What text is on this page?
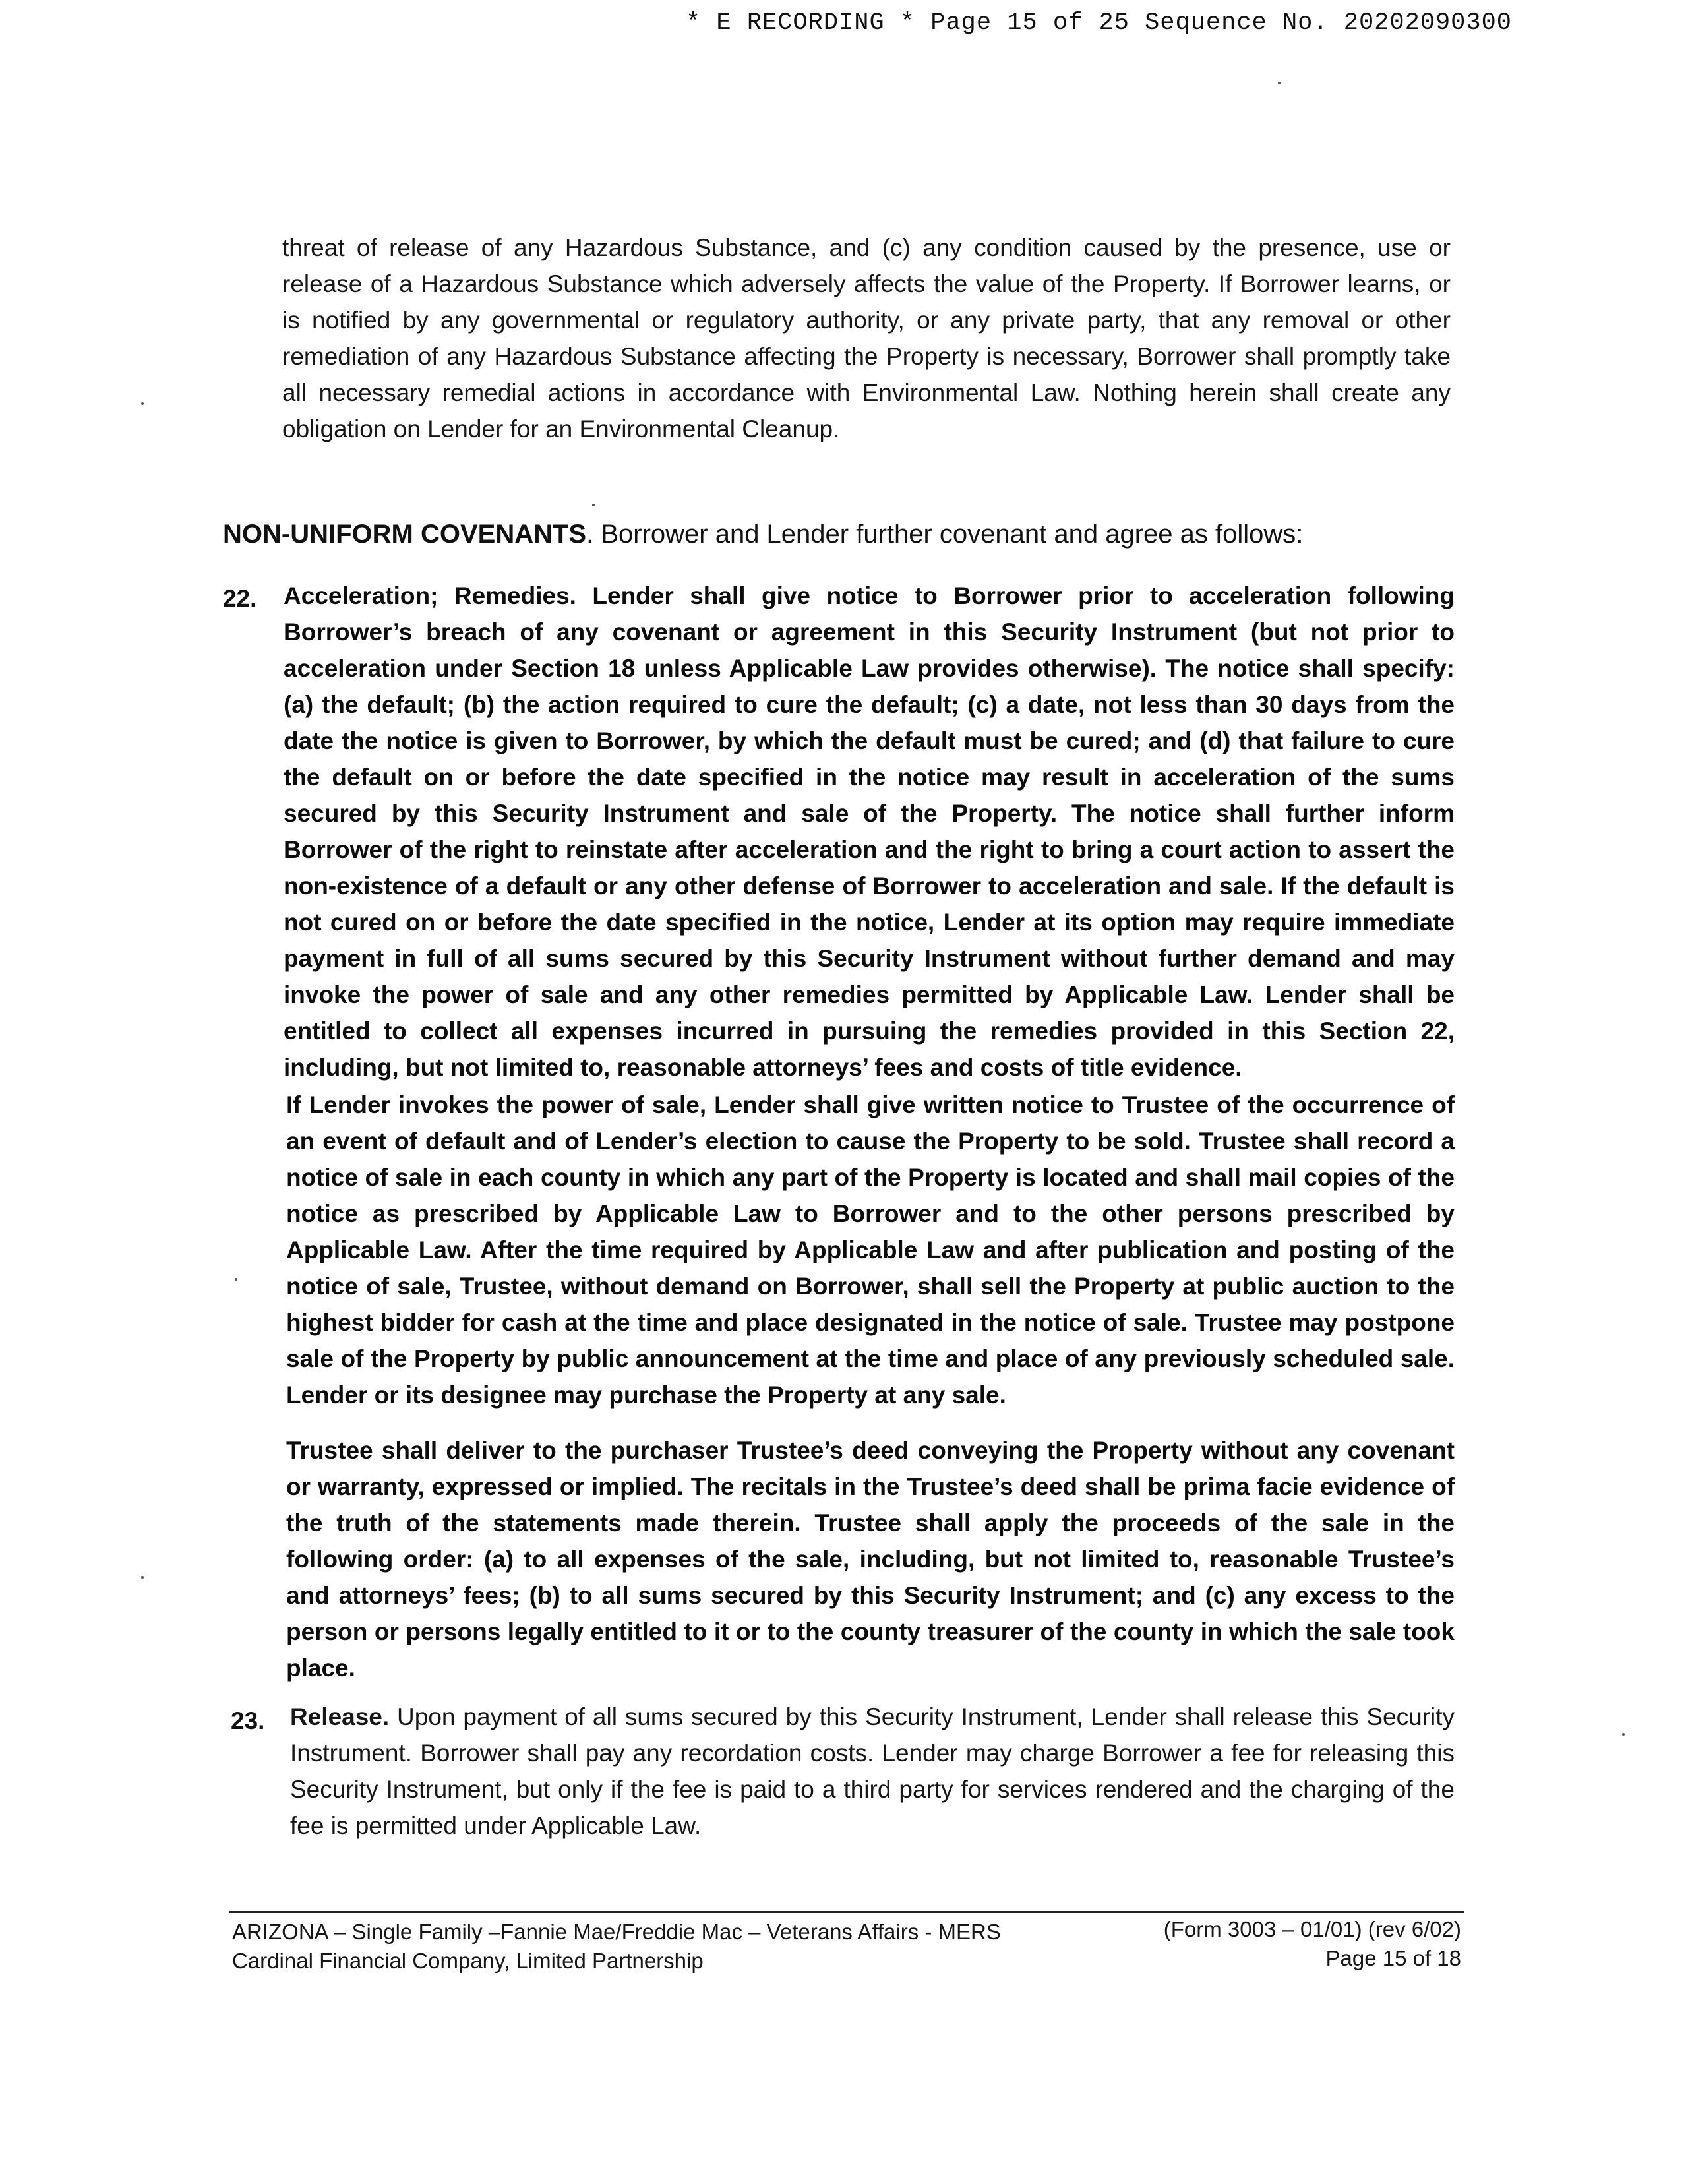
* E RECORDING * Page 15 of 25 Sequence No. 20202090300
threat of release of any Hazardous Substance, and (c) any condition caused by the presence, use or release of a Hazardous Substance which adversely affects the value of the Property. If Borrower learns, or is notified by any governmental or regulatory authority, or any private party, that any removal or other remediation of any Hazardous Substance affecting the Property is necessary, Borrower shall promptly take all necessary remedial actions in accordance with Environmental Law. Nothing herein shall create any obligation on Lender for an Environmental Cleanup.
NON-UNIFORM COVENANTS. Borrower and Lender further covenant and agree as follows:
22. Acceleration; Remedies. Lender shall give notice to Borrower prior to acceleration following Borrower’s breach of any covenant or agreement in this Security Instrument (but not prior to acceleration under Section 18 unless Applicable Law provides otherwise). The notice shall specify: (a) the default; (b) the action required to cure the default; (c) a date, not less than 30 days from the date the notice is given to Borrower, by which the default must be cured; and (d) that failure to cure the default on or before the date specified in the notice may result in acceleration of the sums secured by this Security Instrument and sale of the Property. The notice shall further inform Borrower of the right to reinstate after acceleration and the right to bring a court action to assert the non-existence of a default or any other defense of Borrower to acceleration and sale. If the default is not cured on or before the date specified in the notice, Lender at its option may require immediate payment in full of all sums secured by this Security Instrument without further demand and may invoke the power of sale and any other remedies permitted by Applicable Law. Lender shall be entitled to collect all expenses incurred in pursuing the remedies provided in this Section 22, including, but not limited to, reasonable attorneys’ fees and costs of title evidence.
If Lender invokes the power of sale, Lender shall give written notice to Trustee of the occurrence of an event of default and of Lender’s election to cause the Property to be sold. Trustee shall record a notice of sale in each county in which any part of the Property is located and shall mail copies of the notice as prescribed by Applicable Law to Borrower and to the other persons prescribed by Applicable Law. After the time required by Applicable Law and after publication and posting of the notice of sale, Trustee, without demand on Borrower, shall sell the Property at public auction to the highest bidder for cash at the time and place designated in the notice of sale. Trustee may postpone sale of the Property by public announcement at the time and place of any previously scheduled sale. Lender or its designee may purchase the Property at any sale.
Trustee shall deliver to the purchaser Trustee’s deed conveying the Property without any covenant or warranty, expressed or implied. The recitals in the Trustee’s deed shall be prima facie evidence of the truth of the statements made therein. Trustee shall apply the proceeds of the sale in the following order: (a) to all expenses of the sale, including, but not limited to, reasonable Trustee’s and attorneys’ fees; (b) to all sums secured by this Security Instrument; and (c) any excess to the person or persons legally entitled to it or to the county treasurer of the county in which the sale took place.
23. Release. Upon payment of all sums secured by this Security Instrument, Lender shall release this Security Instrument. Borrower shall pay any recordation costs. Lender may charge Borrower a fee for releasing this Security Instrument, but only if the fee is paid to a third party for services rendered and the charging of the fee is permitted under Applicable Law.
ARIZONA – Single Family –Fannie Mae/Freddie Mac – Veterans Affairs - MERS
Cardinal Financial Company, Limited Partnership
(Form 3003 – 01/01) (rev 6/02)
Page 15 of 18
